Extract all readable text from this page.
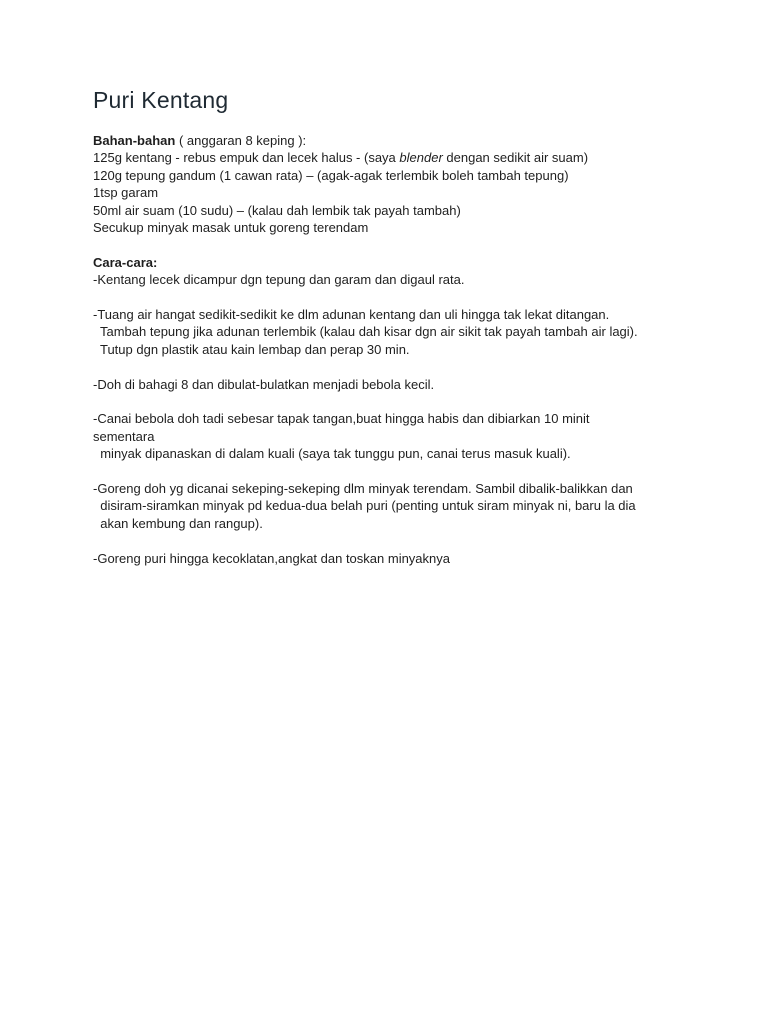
Puri Kentang

Bahan-bahan ( anggaran 8 keping ):

125g kentang - rebus empuk dan lecek halus - (saya blender dengan sedikit air suam)

120g tepung gandum (1 cawan rata) – (agak-agak terlembik boleh tambah tepung)

1tsp garam

50ml air suam (10 sudu) – (kalau dah lembik tak payah tambah)

Secukup minyak masak untuk goreng terendam

Cara-cara:

-Kentang lecek dicampur dgn tepung dan garam dan digaul rata.

-Tuang air hangat sedikit-sedikit ke dlm adunan kentang dan uli hingga tak lekat ditangan.

Tambah tepung jika adunan terlembik (kalau dah kisar dgn air sikit tak payah tambah air lagi).

Tutup dgn plastik atau kain lembap dan perap 30 min.

-Doh di bahagi 8 dan dibulat-bulatkan menjadi bebola kecil.

-Canai bebola doh tadi sebesar tapak tangan,buat hingga habis dan dibiarkan 10 minit

sementara

minyak dipanaskan di dalam kuali (saya tak tunggu pun, canai terus masuk kuali).

-Goreng doh yg dicanai sekeping-sekeping dlm minyak terendam. Sambil dibalik-balikkan dan

disiram-siramkan minyak pd kedua-dua belah puri (penting untuk siram minyak ni, baru la dia

akan kembung dan rangup).

-Goreng puri hingga kecoklatan,angkat dan toskan minyaknya
